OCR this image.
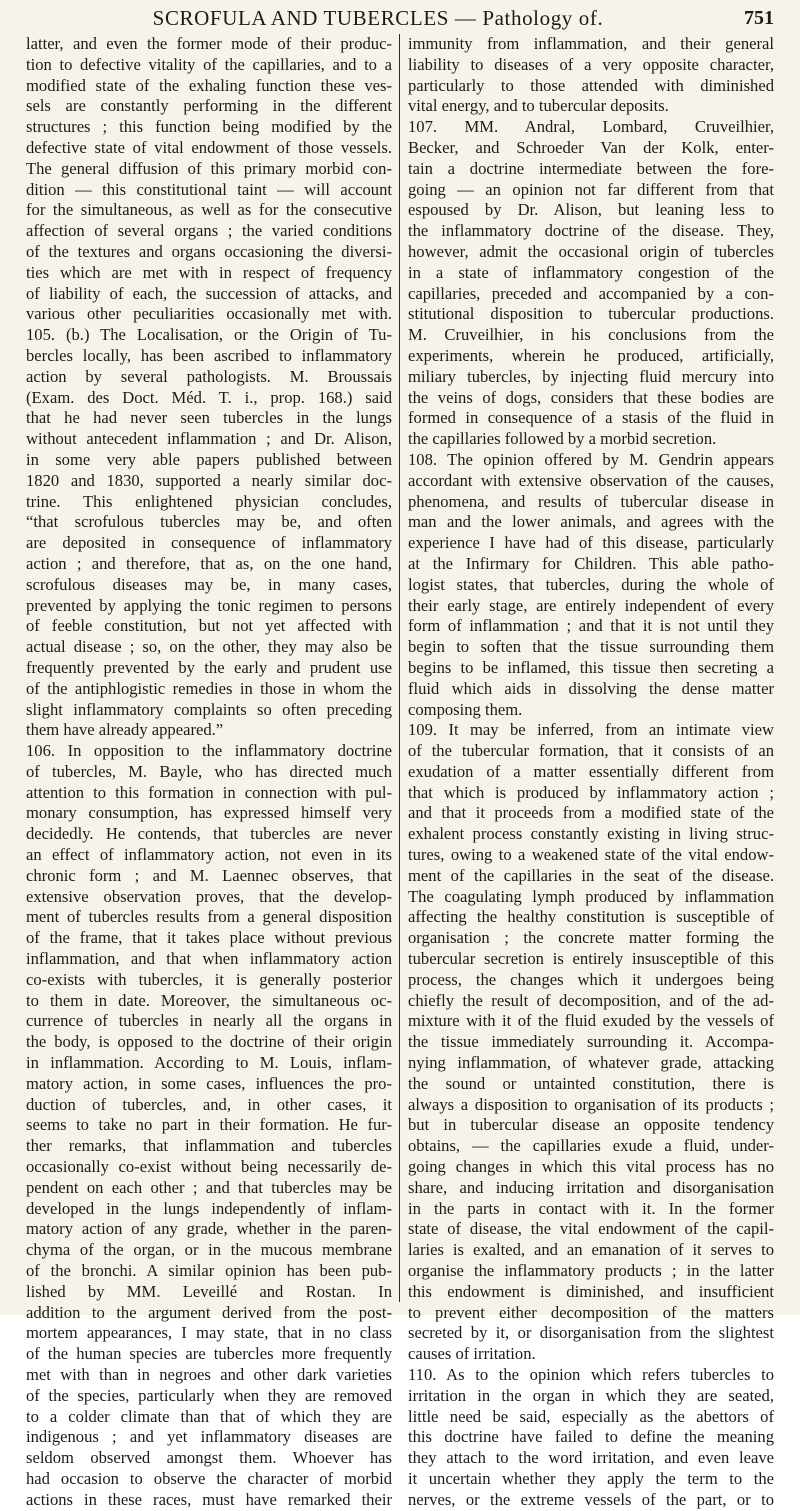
SCROFULA AND TUBERCLES — Pathology of.	751
latter, and even the former mode of their produc-
tion to defective vitality of the capillaries, and to a
modified state of the exhaling function these ves-
sels are constantly performing in the different
structures ; this function being modified by the
defective state of vital endowment of those vessels.
The general diffusion of this primary morbid con-
dition — this constitutional taint — will account
for the simultaneous, as well as for the consecutive
affection of several organs ; the varied conditions
of the textures and organs occasioning the diversi-
ties which are met with in respect of frequency
of liability of each, the succession of attacks, and
various other peculiarities occasionally met with.
105. (b.) The Localisation, or the Origin of Tu-
bercles locally, has been ascribed to inflammatory
action by several pathologists. M. Broussais
(Exam. des Doct. Méd. T. i., prop. 168.) said
that he had never seen tubercles in the lungs
without antecedent inflammation ; and Dr. Alison,
in some very able papers published between
1820 and 1830, supported a nearly similar doc-
trine. This enlightened physician concludes,
“that scrofulous tubercles may be, and often
are deposited in consequence of inflammatory
action ; and therefore, that as, on the one hand,
scrofulous diseases may be, in many cases,
prevented by applying the tonic regimen to persons
of feeble constitution, but not yet affected with
actual disease ; so, on the other, they may also be
frequently prevented by the early and prudent use
of the antiphlogistic remedies in those in whom the
slight inflammatory complaints so often preceding
them have already appeared.”
106. In opposition to the inflammatory doctrine
of tubercles, M. Bayle, who has directed much
attention to this formation in connection with pul-
monary consumption, has expressed himself very
decidedly. He contends, that tubercles are never
an effect of inflammatory action, not even in its
chronic form ; and M. Laennec observes, that
extensive observation proves, that the develop-
ment of tubercles results from a general disposition
of the frame, that it takes place without previous
inflammation, and that when inflammatory action
co-exists with tubercles, it is generally posterior
to them in date. Moreover, the simultaneous oc-
currence of tubercles in nearly all the organs in
the body, is opposed to the doctrine of their origin
in inflammation. According to M. Louis, inflam-
matory action, in some cases, influences the pro-
duction of tubercles, and, in other cases, it
seems to take no part in their formation. He fur-
ther remarks, that inflammation and tubercles
occasionally co-exist without being necessarily de-
pendent on each other ; and that tubercles may be
developed in the lungs independently of inflam-
matory action of any grade, whether in the paren-
chyma of the organ, or in the mucous membrane
of the bronchi. A similar opinion has been pub-
lished by MM. Leveillé and Rostan. In
addition to the argument derived from the post-
mortem appearances, I may state, that in no class
of the human species are tubercles more frequently
met with than in negroes and other dark varieties
of the species, particularly when they are removed
to a colder climate than that of which they are
indigenous ; and yet inflammatory diseases are
seldom observed amongst them. Whoever has
had occasion to observe the character of morbid
actions in these races, must have remarked their
immunity from inflammation, and their general
liability to diseases of a very opposite character,
particularly to those attended with diminished
vital energy, and to tubercular deposits.
107. MM. Andral, Lombard, Cruveilhier,
Becker, and Schroeder Van der Kolk, enter-
tain a doctrine intermediate between the fore-
going — an opinion not far different from that
espoused by Dr. Alison, but leaning less to
the inflammatory doctrine of the disease. They,
however, admit the occasional origin of tubercles
in a state of inflammatory congestion of the
capillaries, preceded and accompanied by a con-
stitutional disposition to tubercular productions.
M. Cruveilhier, in his conclusions from the
experiments, wherein he produced, artificially,
miliary tubercles, by injecting fluid mercury into
the veins of dogs, considers that these bodies are
formed in consequence of a stasis of the fluid in
the capillaries followed by a morbid secretion.
108. The opinion offered by M. Gendrin appears
accordant with extensive observation of the causes,
phenomena, and results of tubercular disease in
man and the lower animals, and agrees with the
experience I have had of this disease, particularly
at the Infirmary for Children. This able patho-
logist states, that tubercles, during the whole of
their early stage, are entirely independent of every
form of inflammation ; and that it is not until they
begin to soften that the tissue surrounding them
begins to be inflamed, this tissue then secreting a
fluid which aids in dissolving the dense matter
composing them.
109. It may be inferred, from an intimate view
of the tubercular formation, that it consists of an
exudation of a matter essentially different from
that which is produced by inflammatory action ;
and that it proceeds from a modified state of the
exhalent process constantly existing in living struc-
tures, owing to a weakened state of the vital endow-
ment of the capillaries in the seat of the disease.
The coagulating lymph produced by inflammation
affecting the healthy constitution is susceptible of
organisation ; the concrete matter forming the
tubercular secretion is entirely insusceptible of this
process, the changes which it undergoes being
chiefly the result of decomposition, and of the ad-
mixture with it of the fluid exuded by the vessels of
the tissue immediately surrounding it. Accompa-
nying inflammation, of whatever grade, attacking
the sound or untainted constitution, there is
always a disposition to organisation of its products ;
but in tubercular disease an opposite tendency
obtains, — the capillaries exude a fluid, under-
going changes in which this vital process has no
share, and inducing irritation and disorganisation
in the parts in contact with it. In the former
state of disease, the vital endowment of the capil-
laries is exalted, and an emanation of it serves to
organise the inflammatory products ; in the latter
this endowment is diminished, and insufficient
to prevent either decomposition of the matters
secreted by it, or disorganisation from the slightest
causes of irritation.
110. As to the opinion which refers tubercles to
irritation in the organ in which they are seated,
little need be said, especially as the abettors of
this doctrine have failed to define the meaning
they attach to the word irritation, and even leave
it uncertain whether they apply the term to the
nerves, or the extreme vessels of the part, or to
